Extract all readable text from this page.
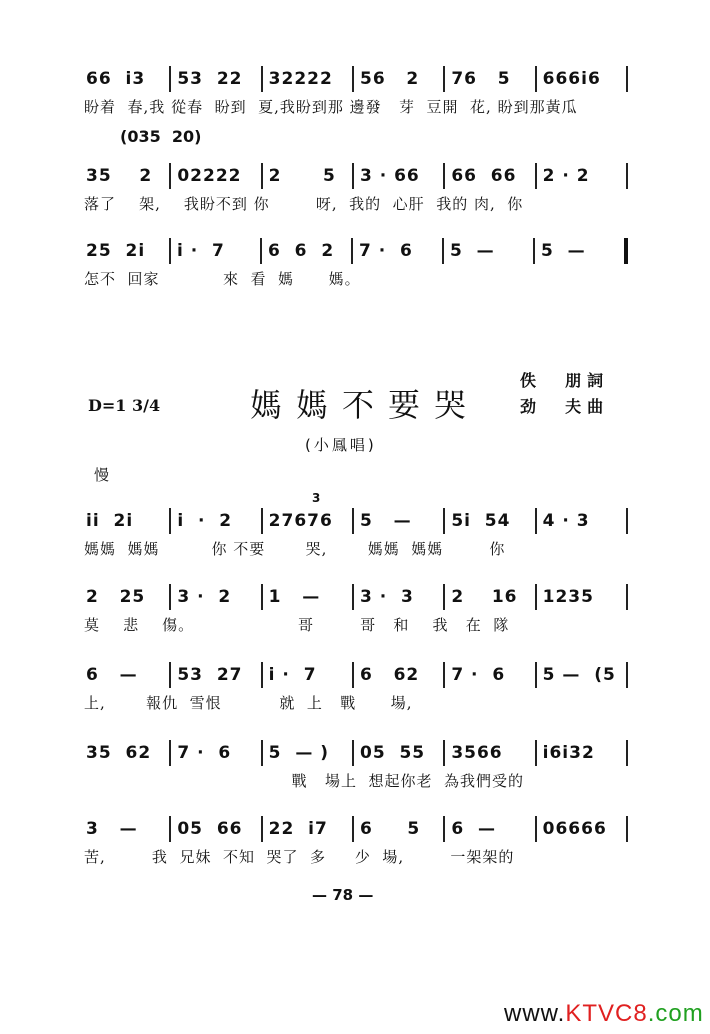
66  i3	53  22	32222	56   2	76   5	666i6
盼着  春,我 從春  盼到  夏,我盼到那 邊發   芽  豆開  花, 盼到那黃瓜
(035  20)
35    2	02222	2      5	3 · 66	66  66	2 · 2
落了    架,    我盼不到 你        呀,  我的  心肝  我的 肉,  你
25  2i	i ·  7	6  6  2	7 ·  6	5  —	5  —
怎不  回家           來  看  媽      媽。
D=1 3/4	媽媽不要哭
佚  朋詞
劲  夫曲
(小鳳唱)
慢
3
ii  2i	i  ·  2	27676	5   —	5i  54	4 · 3
媽媽  媽媽         你 不要       哭,       媽媽  媽媽        你
2   25	3 ·  2	1   —	3 ·  3	2    16	1235
莫    悲    傷。                  哥        哥   和    我   在  隊
6   —	53  27	i ·  7	6   62	7 ·  6	5 —  (5
上,       報仇  雪恨          就  上   戰      場,
35  62	7 ·  6	5  — )	05  55	3566	i6i32
戰   場上  想起你老  為我們受的
3   —	05  66	22  i7	6     5	6  —	06666
苦,        我  兄妹  不知  哭了  多     少  場,        一架架的
— 78 —
www.KTVC8.com
